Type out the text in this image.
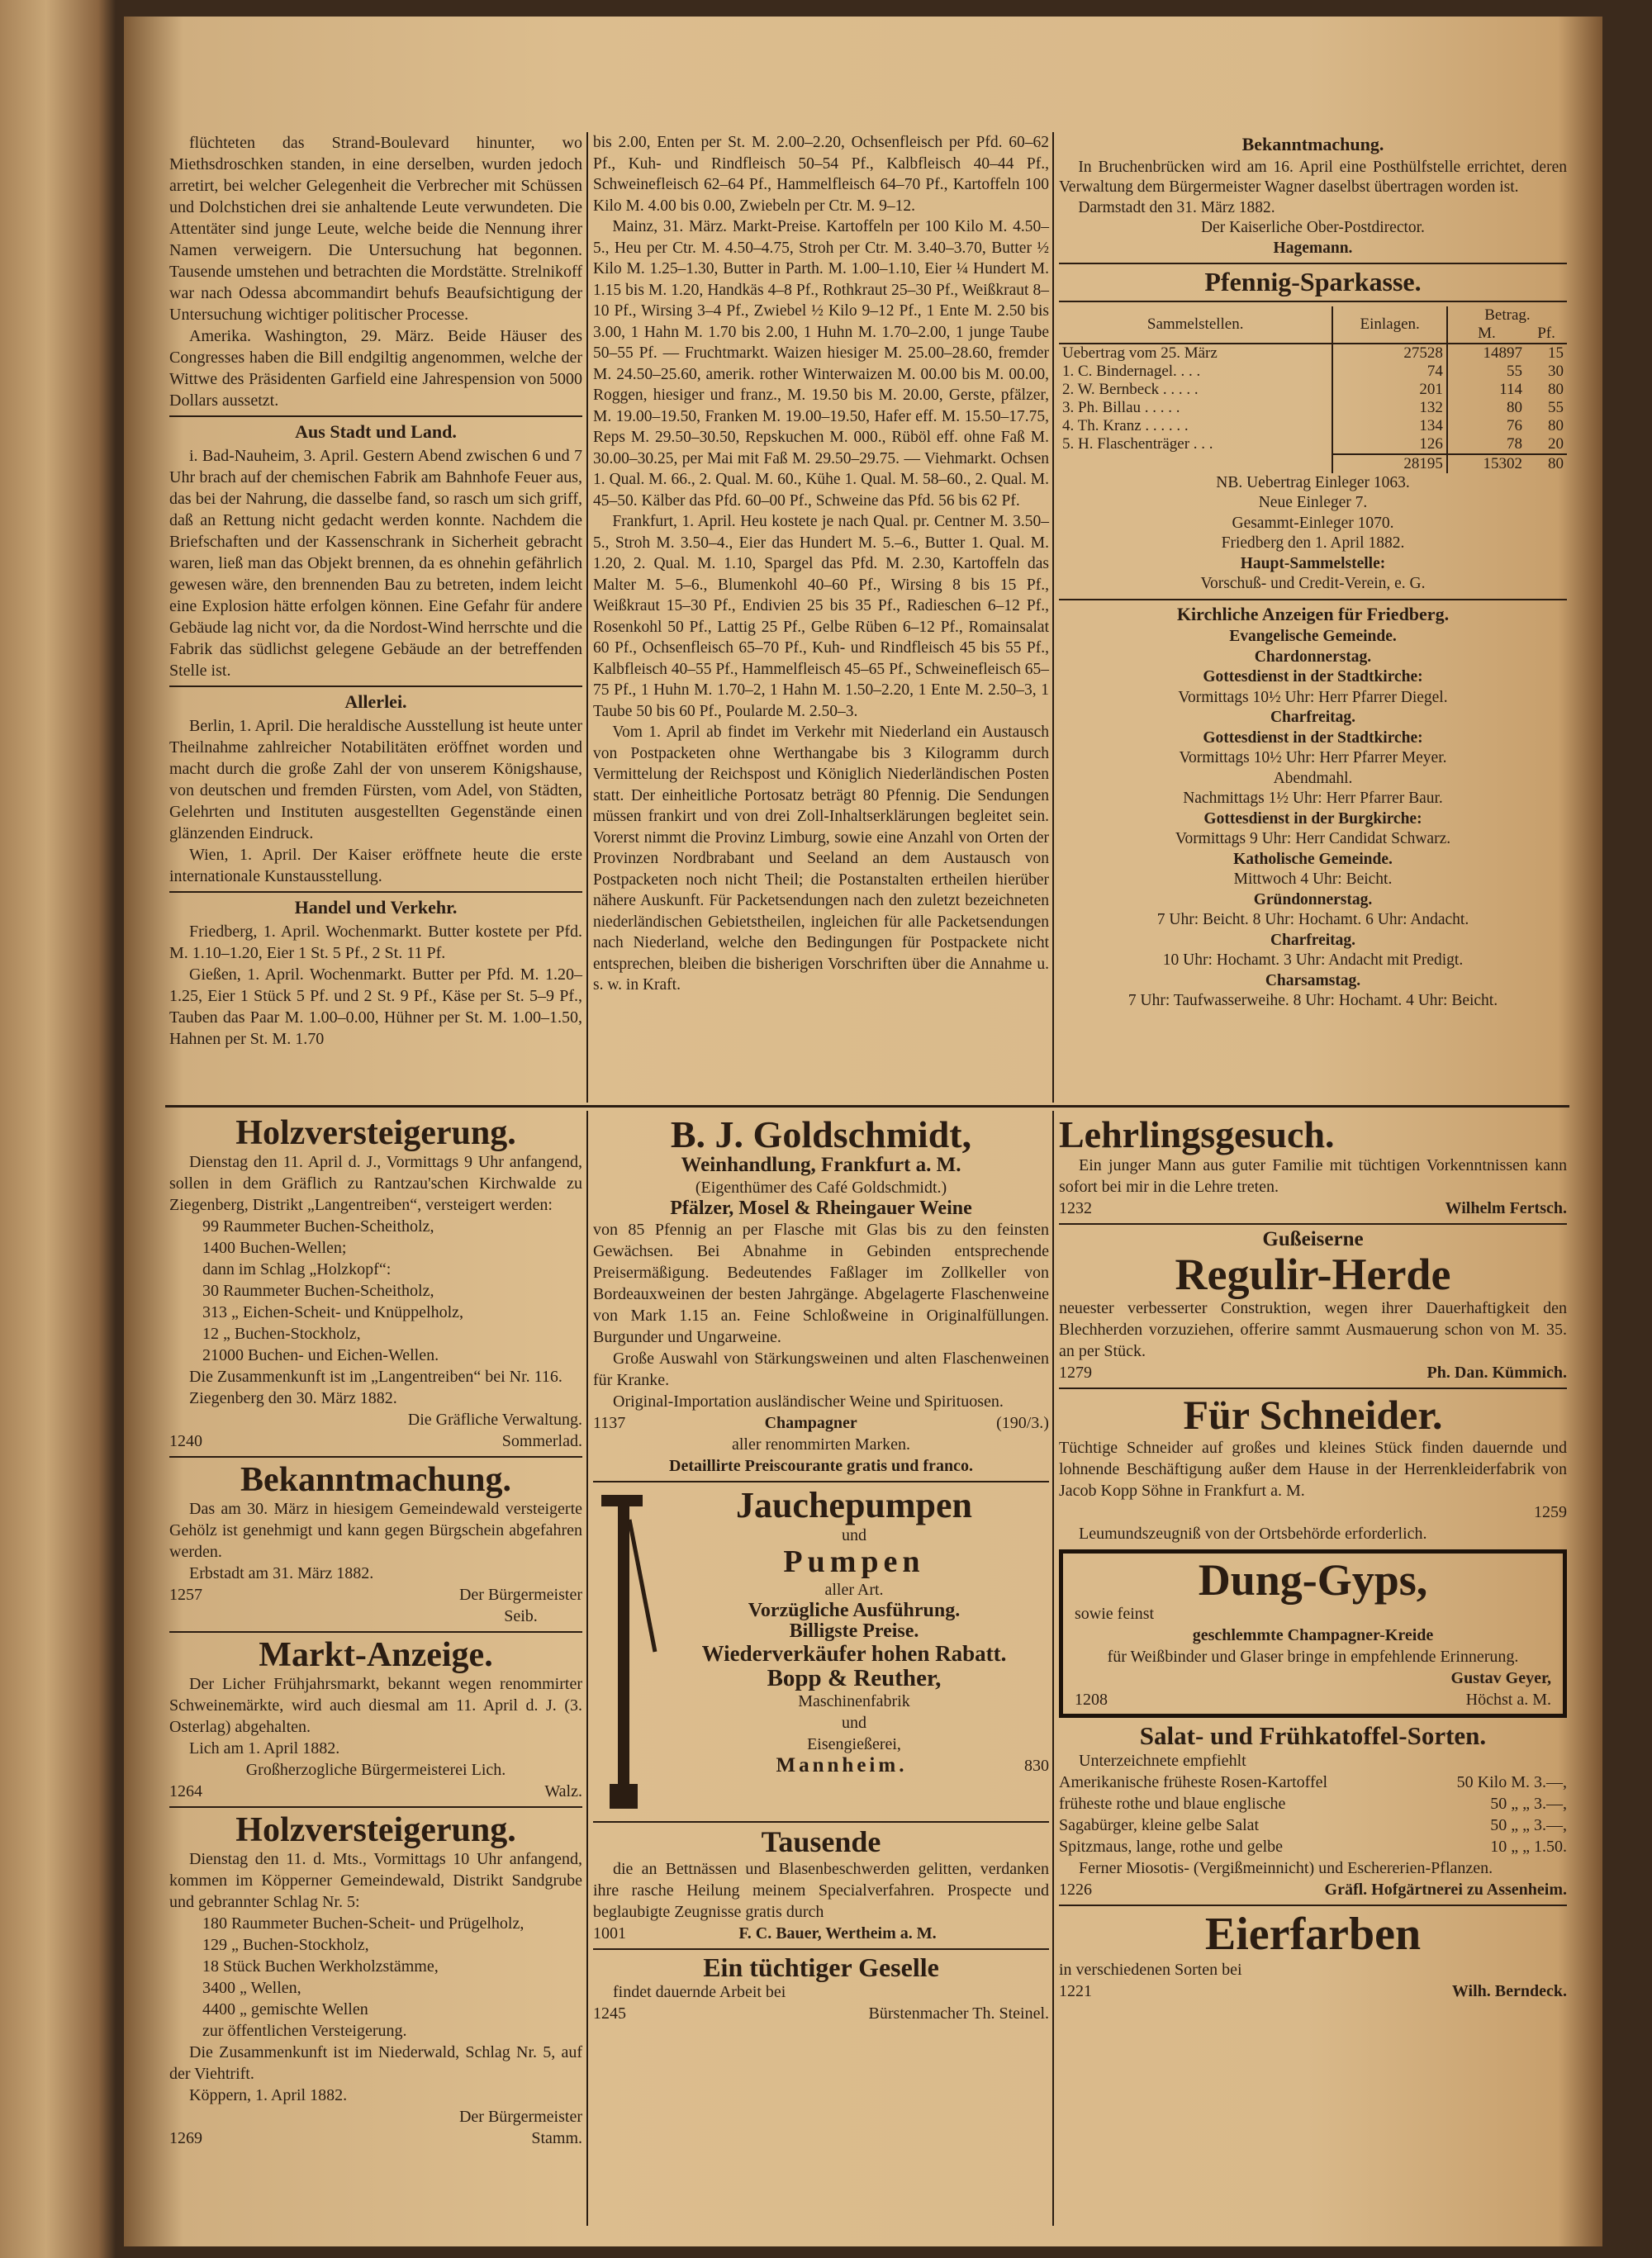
flüchteten das Strand-Boulevard hinunter, wo Miethsdroschken standen, in eine derselben, wurden jedoch arretirt, bei welcher Gelegenheit die Verbrecher mit Schüssen und Dolchstichen drei sie anhaltende Leute verwundeten. Die Attentäter sind junge Leute, welche beide die Nennung ihrer Namen verweigern. Die Untersuchung hat begonnen. Tausende umstehen und betrachten die Mordstätte. Strelnikoff war nach Odessa abcommandirt behufs Beaufsichtigung der Untersuchung wichtiger politischer Processe.

Amerika. Washington, 29. März. Beide Häuser des Congresses haben die Bill endgiltig angenommen, welche der Wittwe des Präsidenten Garfield eine Jahrespension von 5000 Dollars aussetzt.

Aus Stadt und Land.

i. Bad-Nauheim, 3. April. Gestern Abend zwischen 6 und 7 Uhr brach auf der chemischen Fabrik am Bahnhofe Feuer aus, das bei der Nahrung, die dasselbe fand, so rasch um sich griff, daß an Rettung nicht gedacht werden konnte. Nachdem die Briefschaften und der Kassenschrank in Sicherheit gebracht waren, ließ man das Objekt brennen, da es ohnehin gefährlich gewesen wäre, den brennenden Bau zu betreten, indem leicht eine Explosion hätte erfolgen können. Eine Gefahr für andere Gebäude lag nicht vor, da die Nordost-Wind herrschte und die Fabrik das südlichst gelegene Gebäude an der betreffenden Stelle ist.

Allerlei.

Berlin, 1. April. Die heraldische Ausstellung ist heute unter Theilnahme zahlreicher Notabilitäten eröffnet worden und macht durch die große Zahl der von unserem Königshause, von deutschen und fremden Fürsten, vom Adel, von Städten, Gelehrten und Instituten ausgestellten Gegenstände einen glänzenden Eindruck.

Wien, 1. April. Der Kaiser eröffnete heute die erste internationale Kunstausstellung.

Handel und Verkehr.

Friedberg, 1. April. Wochenmarkt. Butter kostete per Pfd. M. 1.10–1.20, Eier 1 St. 5 Pf., 2 St. 11 Pf.

Gießen, 1. April. Wochenmarkt. Butter per Pfd. M. 1.20–1.25, Eier 1 Stück 5 Pf. und 2 St. 9 Pf., Käse per St. 5–9 Pf., Tauben das Paar M. 1.00–0.00, Hühner per St. M. 1.00–1.50, Hahnen per St. M. 1.70

bis 2.00, Enten per St. M. 2.00–2.20, Ochsenfleisch per Pfd. 60–62 Pf., Kuh- und Rindfleisch 50–54 Pf., Kalbfleisch 40–44 Pf., Schweinefleisch 62–64 Pf., Hammelfleisch 64–70 Pf., Kartoffeln 100 Kilo M. 4.00 bis 0.00, Zwiebeln per Ctr. M. 9–12.

Mainz, 31. März. Markt-Preise. Kartoffeln per 100 Kilo M. 4.50–5., Heu per Ctr. M. 4.50–4.75, Stroh per Ctr. M. 3.40–3.70, Butter ½ Kilo M. 1.25–1.30, Butter in Parth. M. 1.00–1.10, Eier ¼ Hundert M. 1.15 bis M. 1.20, Handkäs 4–8 Pf., Rothkraut 25–30 Pf., Weißkraut 8–10 Pf., Wirsing 3–4 Pf., Zwiebel ½ Kilo 9–12 Pf., 1 Ente M. 2.50 bis 3.00, 1 Hahn M. 1.70 bis 2.00, 1 Huhn M. 1.70–2.00, 1 junge Taube 50–55 Pf. — Fruchtmarkt. Waizen hiesiger M. 25.00–28.60, fremder M. 24.50–25.60, amerik. rother Winterwaizen M. 00.00 bis M. 00.00, Roggen, hiesiger und franz., M. 19.50 bis M. 20.00, Gerste, pfälzer, M. 19.00–19.50, Franken M. 19.00–19.50, Hafer eff. M. 15.50–17.75, Reps M. 29.50–30.50, Repskuchen M. 000., Rüböl eff. ohne Faß M. 30.00–30.25, per Mai mit Faß M. 29.50–29.75. — Viehmarkt. Ochsen 1. Qual. M. 66., 2. Qual. M. 60., Kühe 1. Qual. M. 58–60., 2. Qual. M. 45–50. Kälber das Pfd. 60–00 Pf., Schweine das Pfd. 56 bis 62 Pf.

Frankfurt, 1. April. Heu kostete je nach Qual. pr. Centner M. 3.50–5., Stroh M. 3.50–4., Eier das Hundert M. 5.–6., Butter 1. Qual. M. 1.20, 2. Qual. M. 1.10, Spargel das Pfd. M. 2.30, Kartoffeln das Malter M. 5–6., Blumenkohl 40–60 Pf., Wirsing 8 bis 15 Pf., Weißkraut 15–30 Pf., Endivien 25 bis 35 Pf., Radieschen 6–12 Pf., Rosenkohl 50 Pf., Lattig 25 Pf., Gelbe Rüben 6–12 Pf., Romainsalat 60 Pf., Ochsenfleisch 65–70 Pf., Kuh- und Rindfleisch 45 bis 55 Pf., Kalbfleisch 40–55 Pf., Hammelfleisch 45–65 Pf., Schweinefleisch 65–75 Pf., 1 Huhn M. 1.70–2, 1 Hahn M. 1.50–2.20, 1 Ente M. 2.50–3, 1 Taube 50 bis 60 Pf., Poularde M. 2.50–3.

Vom 1. April ab findet im Verkehr mit Niederland ein Austausch von Postpacketen ohne Werthangabe bis 3 Kilogramm durch Vermittelung der Reichspost und Königlich Niederländischen Posten statt. Der einheitliche Portosatz beträgt 80 Pfennig. Die Sendungen müssen frankirt und von drei Zoll-Inhaltserklärungen begleitet sein. Vorerst nimmt die Provinz Limburg, sowie eine Anzahl von Orten der Provinzen Nordbrabant und Seeland an dem Austausch von Postpacketen noch nicht Theil; die Postanstalten ertheilen hierüber nähere Auskunft. Für Packetsendungen nach den zuletzt bezeichneten niederländischen Gebietstheilen, ingleichen für alle Packetsendungen nach Niederland, welche den Bedingungen für Postpackete nicht entsprechen, bleiben die bisherigen Vorschriften über die Annahme u. s. w. in Kraft.

Bekanntmachung.

In Bruchenbrücken wird am 16. April eine Posthülfstelle errichtet, deren Verwaltung dem Bürgermeister Wagner daselbst übertragen worden ist.

Darmstadt den 31. März 1882.

Der Kaiserliche Ober-Postdirector.
Hagemann.
Pfennig-Sparkasse.
Sammelstellen.	Einlagen.	Betrag.	
		M.	Pf.
Uebertrag vom 25. März	27528	14897	15
1. C. Bindernagel. . . .	74	55	30
2. W. Bernbeck . . . . .	201	114	80
3. Ph. Billau . . . . .	132	80	55
4. Th. Kranz . . . . . .	134	76	80
5. H. Flaschenträger . . .	126	78	20
	28195	15302	80
NB. Uebertrag Einleger 1063.
Neue Einleger 7.
Gesammt-Einleger 1070.
Friedberg den 1. April 1882.
Haupt-Sammelstelle:
Vorschuß- und Credit-Verein, e. G.
Kirchliche Anzeigen für Friedberg.
Evangelische Gemeinde.
Chardonnerstag.
Gottesdienst in der Stadtkirche:
Vormittags 10½ Uhr: Herr Pfarrer Diegel.
Charfreitag.
Gottesdienst in der Stadtkirche:
Vormittags 10½ Uhr: Herr Pfarrer Meyer.
Abendmahl.
Nachmittags 1½ Uhr: Herr Pfarrer Baur.
Gottesdienst in der Burgkirche:
Vormittags 9 Uhr: Herr Candidat Schwarz.
Katholische Gemeinde.
Mittwoch 4 Uhr: Beicht.
Gründonnerstag.
7 Uhr: Beicht. 8 Uhr: Hochamt. 6 Uhr: Andacht.
Charfreitag.
10 Uhr: Hochamt. 3 Uhr: Andacht mit Predigt.
Charsamstag.
7 Uhr: Taufwasserweihe. 8 Uhr: Hochamt. 4 Uhr: Beicht.
Holzversteigerung.

Dienstag den 11. April d. J., Vormittags 9 Uhr anfangend, sollen in dem Gräflich zu Rantzau'schen Kirchwalde zu Ziegenberg, Distrikt „Langentreiben“, versteigert werden:

99 Raummeter Buchen-Scheitholz,
1400 Buchen-Wellen;
dann im Schlag „Holzkopf“:
30 Raummeter Buchen-Scheitholz,
313 „ Eichen-Scheit- und Knüppelholz,
12 „ Buchen-Stockholz,
21000 Buchen- und Eichen-Wellen.

Die Zusammenkunft ist im „Langentreiben“ bei Nr. 116.

Ziegenberg den 30. März 1882.

Die Gräfliche Verwaltung.
1240	Sommerlad.
Bekanntmachung.

Das am 30. März in hiesigem Gemeindewald versteigerte Gehölz ist genehmigt und kann gegen Bürgschein abgefahren werden.

Erbstadt am 31. März 1882.

1257	Der Bürgermeister
Seib.
Markt-Anzeige.

Der Licher Frühjahrsmarkt, bekannt wegen renommirter Schweinemärkte, wird auch diesmal am 11. April d. J. (3. Osterlag) abgehalten.

Lich am 1. April 1882.

Großherzogliche Bürgermeisterei Lich.
1264	Walz.
Holzversteigerung.

Dienstag den 11. d. Mts., Vormittags 10 Uhr anfangend, kommen im Köpperner Gemeindewald, Distrikt Sandgrube und gebrannter Schlag Nr. 5:

180 Raummeter Buchen-Scheit- und Prügelholz,
129 „ Buchen-Stockholz,
18 Stück Buchen Werkholzstämme,
3400 „ Wellen,
4400 „ gemischte Wellen
zur öffentlichen Versteigerung.

Die Zusammenkunft ist im Niederwald, Schlag Nr. 5, auf der Viehtrift.

Köppern, 1. April 1882.

Der Bürgermeister
1269	Stamm.
B. J. Goldschmidt,
Weinhandlung, Frankfurt a. M.
(Eigenthümer des Café Goldschmidt.)
Pfälzer, Mosel & Rheingauer Weine

von 85 Pfennig an per Flasche mit Glas bis zu den feinsten Gewächsen. Bei Abnahme in Gebinden entsprechende Preisermäßigung. Bedeutendes Faßlager im Zollkeller von Bordeauxweinen der besten Jahrgänge. Abgelagerte Flaschenweine von Mark 1.15 an. Feine Schloßweine in Originalfüllungen. Burgunder und Ungarweine.

Große Auswahl von Stärkungsweinen und alten Flaschenweinen für Kranke.

Original-Importation ausländischer Weine und Spirituosen.

1137	Champagner	(190/3.)
aller renommirten Marken.
Detaillirte Preiscourante gratis und franco.
Jauchepumpen
und
Pumpen
aller Art.
Vorzügliche Ausführung.
Billigste Preise.
Wiederverkäufer hohen Rabatt.
Bopp & Reuther,
Maschinenfabrik
und
Eisengießerei,
Mannheim.	830
Tausende

die an Bettnässen und Blasenbeschwerden gelitten, verdanken ihre rasche Heilung meinem Specialverfahren. Prospecte und beglaubigte Zeugnisse gratis durch

1001	F. C. Bauer, Wertheim a. M.
Ein tüchtiger Geselle

findet dauernde Arbeit bei

1245	Bürstenmacher Th. Steinel.
Lehrlingsgesuch.

Ein junger Mann aus guter Familie mit tüchtigen Vorkenntnissen kann sofort bei mir in die Lehre treten.

1232	Wilhelm Fertsch.
Gußeiserne
Regulir-Herde

neuester verbesserter Construktion, wegen ihrer Dauerhaftigkeit den Blechherden vorzuziehen, offerire sammt Ausmauerung schon von M. 35. an per Stück.

1279	Ph. Dan. Kümmich.
Für Schneider.

Tüchtige Schneider auf großes und kleines Stück finden dauernde und lohnende Beschäftigung außer dem Hause in der Herrenkleiderfabrik von Jacob Kopp Söhne in Frankfurt a. M.

1259

Leumundszeugniß von der Ortsbehörde erforderlich.

Dung-Gyps,
sowie feinst
geschlemmte Champagner-Kreide
für Weißbinder und Glaser bringe in empfehlende Erinnerung.
Gustav Geyer,
1208	Höchst a. M.
Salat- und Frühkatoffel-Sorten.

Unterzeichnete empfiehlt

Amerikanische früheste Rosen-Kartoffel	50 Kilo M. 3.—,
früheste rothe und blaue englische	50 „ „ 3.—,
Sagabürger, kleine gelbe Salat	50 „ „ 3.—,
Spitzmaus, lange, rothe und gelbe	10 „ „ 1.50.

Ferner Miosotis- (Vergißmeinnicht) und Eschererien-Pflanzen.

1226	Gräfl. Hofgärtnerei zu Assenheim.
Eierfarben

in verschiedenen Sorten bei

1221	Wilh. Berndeck.
